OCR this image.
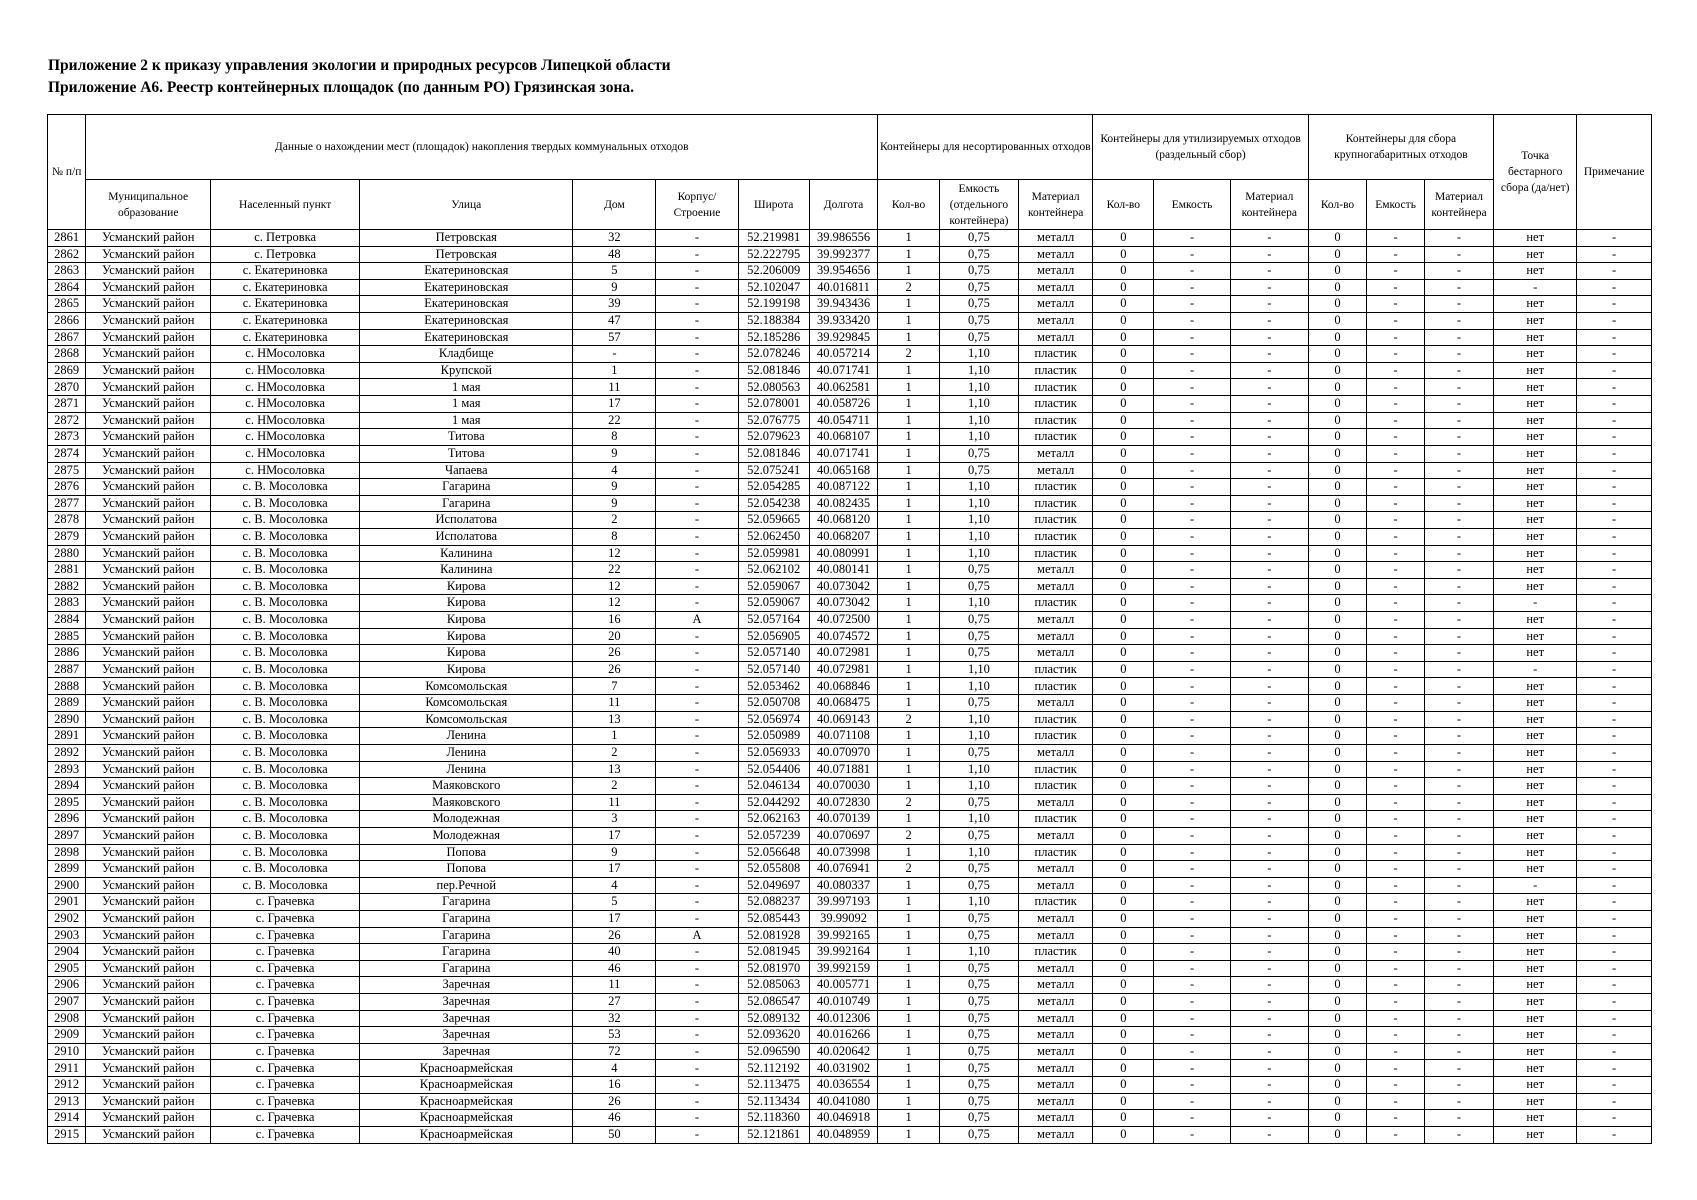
Приложение 2 к приказу управления экологии и природных ресурсов Липецкой области
Приложение А6. Реестр контейнерных площадок (по данным РО) Грязинская зона.
№ п/п	Данные о нахождении мест (площадок) накопления твердых коммунальных отходов							Контейнеры для несортированных отходов			Контейнеры для утилизируемых отходов (раздельный сбор)			Контейнеры для сбора крупногабаритных отходов			Точка бестарного сбора (да/нет)	Примечание
	Муниципальное образование	Населенный пункт	Улица	Дом	Корпус/ Строение	Широта	Долгота	Кол-во	Емкость (отдельного контейнера)	Материал контейнера	Кол-во	Емкость	Материал контейнера	Кол-во	Емкость	Материал контейнера		
2861	Усманский район	с. Петровка	Петровская	32	-	52.219981	39.986556	1	0,75	металл	0	-	-	0	-	-	нет	-
2862	Усманский район	с. Петровка	Петровская	48	-	52.222795	39.992377	1	0,75	металл	0	-	-	0	-	-	нет	-
2863	Усманский район	с. Екатериновка	Екатериновская	5	-	52.206009	39.954656	1	0,75	металл	0	-	-	0	-	-	нет	-
2864	Усманский район	с. Екатериновка	Екатериновская	9	-	52.102047	40.016811	2	0,75	металл	0	-	-	0	-	-	-	-
2865	Усманский район	с. Екатериновка	Екатериновская	39	-	52.199198	39.943436	1	0,75	металл	0	-	-	0	-	-	нет	-
2866	Усманский район	с. Екатериновка	Екатериновская	47	-	52.188384	39.933420	1	0,75	металл	0	-	-	0	-	-	нет	-
2867	Усманский район	с. Екатериновка	Екатериновская	57	-	52.185286	39.929845	1	0,75	металл	0	-	-	0	-	-	нет	-
2868	Усманский район	с. НМосоловка	Кладбище	-	-	52.078246	40.057214	2	1,10	пластик	0	-	-	0	-	-	нет	-
2869	Усманский район	с. НМосоловка	Крупской	1	-	52.081846	40.071741	1	1,10	пластик	0	-	-	0	-	-	нет	-
2870	Усманский район	с. НМосоловка	1 мая	11	-	52.080563	40.062581	1	1,10	пластик	0	-	-	0	-	-	нет	-
2871	Усманский район	с. НМосоловка	1 мая	17	-	52.078001	40.058726	1	1,10	пластик	0	-	-	0	-	-	нет	-
2872	Усманский район	с. НМосоловка	1 мая	22	-	52.076775	40.054711	1	1,10	пластик	0	-	-	0	-	-	нет	-
2873	Усманский район	с. НМосоловка	Титова	8	-	52.079623	40.068107	1	1,10	пластик	0	-	-	0	-	-	нет	-
2874	Усманский район	с. НМосоловка	Титова	9	-	52.081846	40.071741	1	0,75	металл	0	-	-	0	-	-	нет	-
2875	Усманский район	с. НМосоловка	Чапаева	4	-	52.075241	40.065168	1	0,75	металл	0	-	-	0	-	-	нет	-
2876	Усманский район	с. В. Мосоловка	Гагарина	9	-	52.054285	40.087122	1	1,10	пластик	0	-	-	0	-	-	нет	-
2877	Усманский район	с. В. Мосоловка	Гагарина	9	-	52.054238	40.082435	1	1,10	пластик	0	-	-	0	-	-	нет	-
2878	Усманский район	с. В. Мосоловка	Исполатова	2	-	52.059665	40.068120	1	1,10	пластик	0	-	-	0	-	-	нет	-
2879	Усманский район	с. В. Мосоловка	Исполатова	8	-	52.062450	40.068207	1	1,10	пластик	0	-	-	0	-	-	нет	-
2880	Усманский район	с. В. Мосоловка	Калинина	12	-	52.059981	40.080991	1	1,10	пластик	0	-	-	0	-	-	нет	-
2881	Усманский район	с. В. Мосоловка	Калинина	22	-	52.062102	40.080141	1	0,75	металл	0	-	-	0	-	-	нет	-
2882	Усманский район	с. В. Мосоловка	Кирова	12	-	52.059067	40.073042	1	0,75	металл	0	-	-	0	-	-	нет	-
2883	Усманский район	с. В. Мосоловка	Кирова	12	-	52.059067	40.073042	1	1,10	пластик	0	-	-	0	-	-	-	-
2884	Усманский район	с. В. Мосоловка	Кирова	16	А	52.057164	40.072500	1	0,75	металл	0	-	-	0	-	-	нет	-
2885	Усманский район	с. В. Мосоловка	Кирова	20	-	52.056905	40.074572	1	0,75	металл	0	-	-	0	-	-	нет	-
2886	Усманский район	с. В. Мосоловка	Кирова	26	-	52.057140	40.072981	1	0,75	металл	0	-	-	0	-	-	нет	-
2887	Усманский район	с. В. Мосоловка	Кирова	26	-	52.057140	40.072981	1	1,10	пластик	0	-	-	0	-	-	-	-
2888	Усманский район	с. В. Мосоловка	Комсомольская	7	-	52.053462	40.068846	1	1,10	пластик	0	-	-	0	-	-	нет	-
2889	Усманский район	с. В. Мосоловка	Комсомольская	11	-	52.050708	40.068475	1	0,75	металл	0	-	-	0	-	-	нет	-
2890	Усманский район	с. В. Мосоловка	Комсомольская	13	-	52.056974	40.069143	2	1,10	пластик	0	-	-	0	-	-	нет	-
2891	Усманский район	с. В. Мосоловка	Ленина	1	-	52.050989	40.071108	1	1,10	пластик	0	-	-	0	-	-	нет	-
2892	Усманский район	с. В. Мосоловка	Ленина	2	-	52.056933	40.070970	1	0,75	металл	0	-	-	0	-	-	нет	-
2893	Усманский район	с. В. Мосоловка	Ленина	13	-	52.054406	40.071881	1	1,10	пластик	0	-	-	0	-	-	нет	-
2894	Усманский район	с. В. Мосоловка	Маяковского	2	-	52.046134	40.070030	1	1,10	пластик	0	-	-	0	-	-	нет	-
2895	Усманский район	с. В. Мосоловка	Маяковского	11	-	52.044292	40.072830	2	0,75	металл	0	-	-	0	-	-	нет	-
2896	Усманский район	с. В. Мосоловка	Молодежная	3	-	52.062163	40.070139	1	1,10	пластик	0	-	-	0	-	-	нет	-
2897	Усманский район	с. В. Мосоловка	Молодежная	17	-	52.057239	40.070697	2	0,75	металл	0	-	-	0	-	-	нет	-
2898	Усманский район	с. В. Мосоловка	Попова	9	-	52.056648	40.073998	1	1,10	пластик	0	-	-	0	-	-	нет	-
2899	Усманский район	с. В. Мосоловка	Попова	17	-	52.055808	40.076941	2	0,75	металл	0	-	-	0	-	-	нет	-
2900	Усманский район	с. В. Мосоловка	пер.Речной	4	-	52.049697	40.080337	1	0,75	металл	0	-	-	0	-	-	-	-
2901	Усманский район	с. Грачевка	Гагарина	5	-	52.088237	39.997193	1	1,10	пластик	0	-	-	0	-	-	нет	-
2902	Усманский район	с. Грачевка	Гагарина	17	-	52.085443	39.99092	1	0,75	металл	0	-	-	0	-	-	нет	-
2903	Усманский район	с. Грачевка	Гагарина	26	А	52.081928	39.992165	1	0,75	металл	0	-	-	0	-	-	нет	-
2904	Усманский район	с. Грачевка	Гагарина	40	-	52.081945	39.992164	1	1,10	пластик	0	-	-	0	-	-	нет	-
2905	Усманский район	с. Грачевка	Гагарина	46	-	52.081970	39.992159	1	0,75	металл	0	-	-	0	-	-	нет	-
2906	Усманский район	с. Грачевка	Заречная	11	-	52.085063	40.005771	1	0,75	металл	0	-	-	0	-	-	нет	-
2907	Усманский район	с. Грачевка	Заречная	27	-	52.086547	40.010749	1	0,75	металл	0	-	-	0	-	-	нет	-
2908	Усманский район	с. Грачевка	Заречная	32	-	52.089132	40.012306	1	0,75	металл	0	-	-	0	-	-	нет	-
2909	Усманский район	с. Грачевка	Заречная	53	-	52.093620	40.016266	1	0,75	металл	0	-	-	0	-	-	нет	-
2910	Усманский район	с. Грачевка	Заречная	72	-	52.096590	40.020642	1	0,75	металл	0	-	-	0	-	-	нет	-
2911	Усманский район	с. Грачевка	Красноармейская	4	-	52.112192	40.031902	1	0,75	металл	0	-	-	0	-	-	нет	-
2912	Усманский район	с. Грачевка	Красноармейская	16	-	52.113475	40.036554	1	0,75	металл	0	-	-	0	-	-	нет	-
2913	Усманский район	с. Грачевка	Красноармейская	26	-	52.113434	40.041080	1	0,75	металл	0	-	-	0	-	-	нет	-
2914	Усманский район	с. Грачевка	Красноармейская	46	-	52.118360	40.046918	1	0,75	металл	0	-	-	0	-	-	нет	-
2915	Усманский район	с. Грачевка	Красноармейская	50	-	52.121861	40.048959	1	0,75	металл	0	-	-	0	-	-	нет	-
